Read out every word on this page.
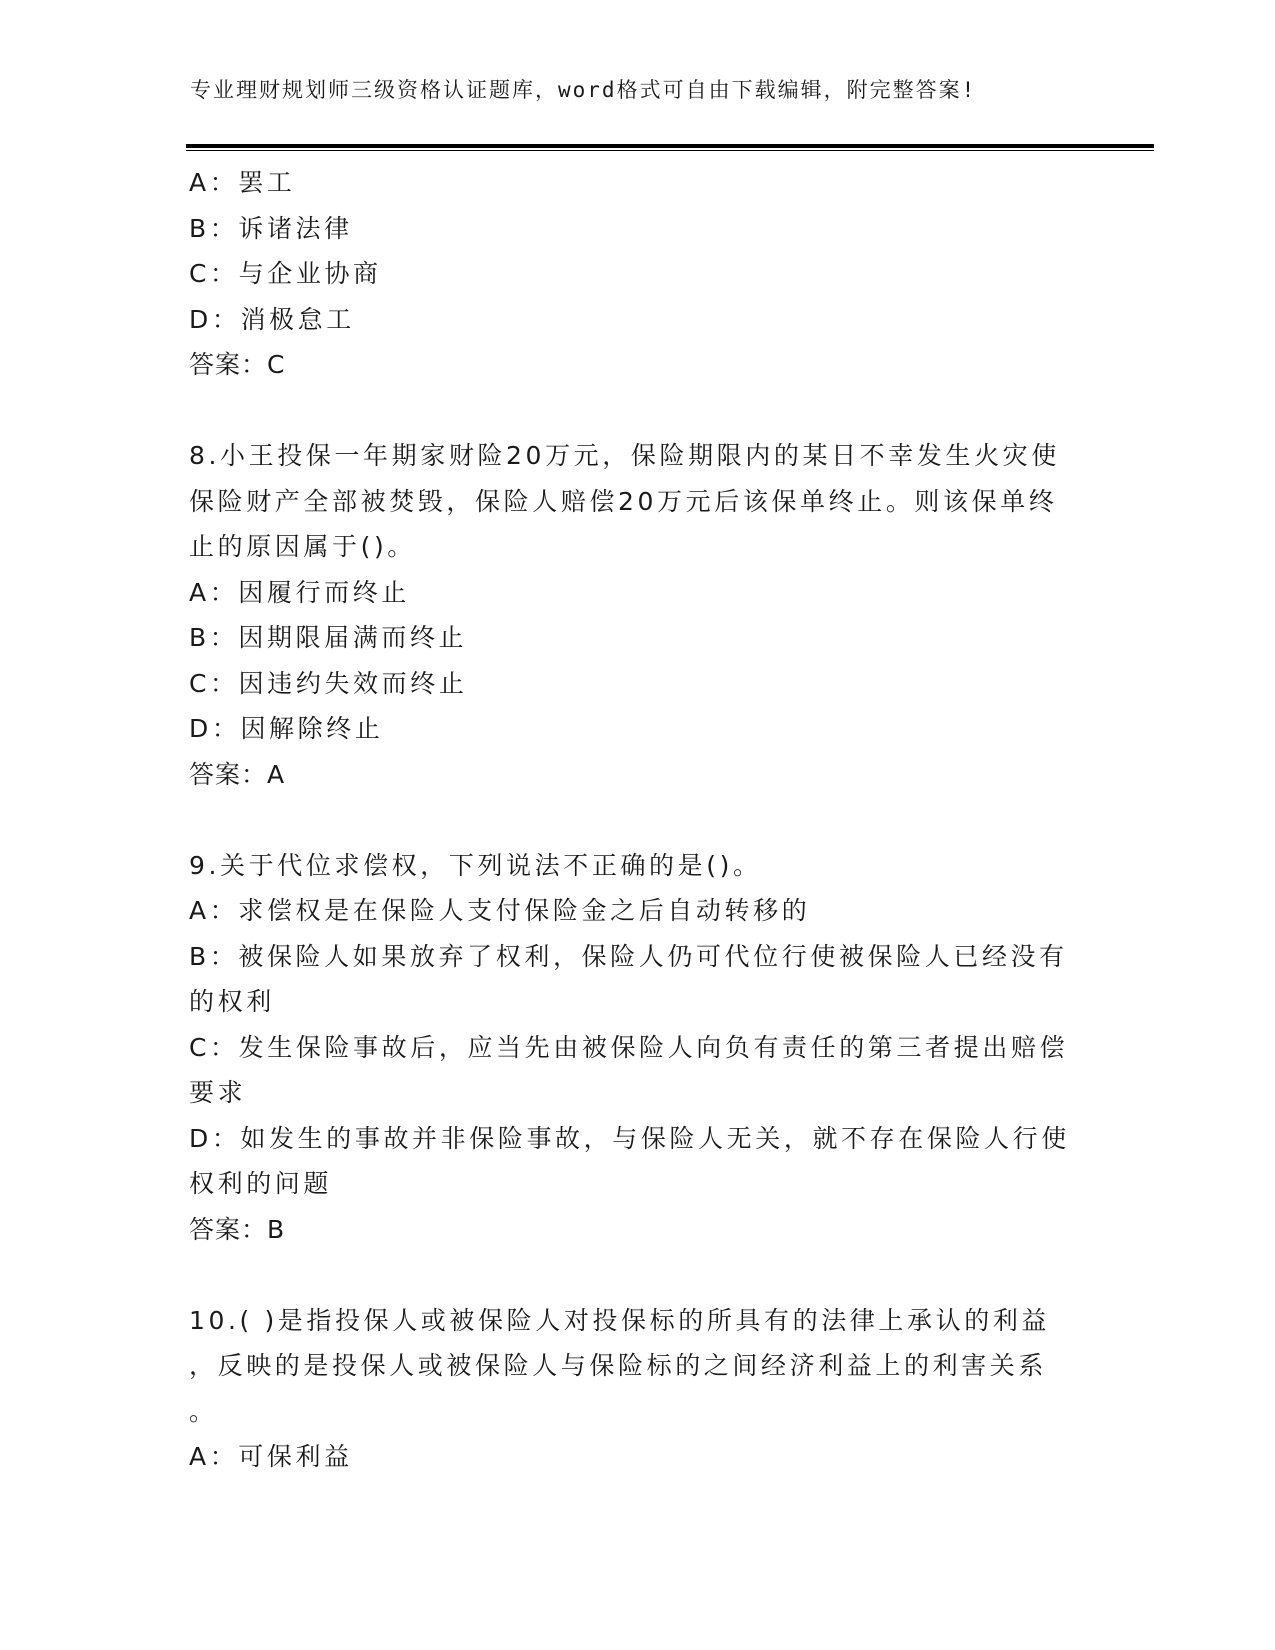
专业理财规划师三级资格认证题库，word格式可自由下载编辑，附完整答案!
A：罢工
B：诉诸法律
C：与企业协商
D：消极怠工
答案：C
8.小王投保一年期家财险20万元，保险期限内的某日不幸发生火灾使
保险财产全部被焚毁，保险人赔偿20万元后该保单终止。则该保单终
止的原因属于()。
A：因履行而终止
B：因期限届满而终止
C：因违约失效而终止
D：因解除终止
答案：A
9.关于代位求偿权，下列说法不正确的是()。
A：求偿权是在保险人支付保险金之后自动转移的
B：被保险人如果放弃了权利，保险人仍可代位行使被保险人已经没有
的权利
C：发生保险事故后，应当先由被保险人向负有责任的第三者提出赔偿
要求
D：如发生的事故并非保险事故，与保险人无关，就不存在保险人行使
权利的问题
答案：B
10.( )是指投保人或被保险人对投保标的所具有的法律上承认的利益
，反映的是投保人或被保险人与保险标的之间经济利益上的利害关系
。
A：可保利益
